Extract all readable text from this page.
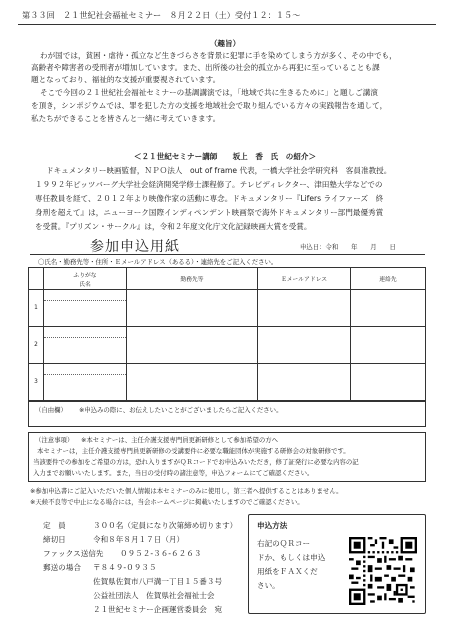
第３３回　２１世紀社会福祉セミナー　８月２２日（土）受付１２：１５～
（趣旨）
わが国では，貧困・虐待・孤立など生きづらさを背景に犯罪に手を染めてしまう方が多く、その中でも，
高齢者や障害者の受刑者が増加しています。また、出所後の社会的孤立から再犯に至っていることも課
題となっており、福祉的な支援が重要視されています。
そこで今回の２１世紀社会福祉セミナーの基調講演では，「地域で共に生きるために」と題しご講演
を頂き，シンポジウムでは、罪を犯した方の支援を地域社会で取り組んでいる方々の実践報告を通して，
私たちができることを皆さんと一緒に考えていきます。
＜２１世紀セミナー講師　　坂上　香　氏　の紹介＞
ドキュメンタリー映画監督，ＮＰＯ法人　out of frame 代表，一橋大学社会学研究科　客員准教授。
１９９２年ピッツバーグ大学社会経済開発学修士課程修了。テレビディレクター、津田塾大学などでの
専任教員を経て、２０１２年より映像作家の活動に専念。ドキュメンタリー『Lifers ライファーズ　終
身刑を超えて』は，ニューヨーク国際インディペンデント映画祭で海外ドキュメンタリー部門最優秀賞
を受賞。『プリズン・サークル』は，令和２年度文化庁文化記録映画大賞を受賞。
参加申込用紙	申込日：令和　　年　　月　　日
〇氏名・勤務先等・住所・Ｅメールアドレス（あるる）・連絡先をご記入ください。

	ふりがな
氏名	勤務先等	Ｅメールアドレス	連絡先
1	

2	

3	

（自由欄） ※申込みの際に、お伝えしたいことがございましたらご記入ください。
（注意事項） ※本セミナーは、主任介護支援専門員更新研修として参加希望の方へ
本セミナーは，主任介護支援専門員更新研修の受講要件に必要な職能団体が実施する研修会の対象研修です。
当該要件での参加をご希望の方は，恐れ入りますがＱＲコードでお申込みいただき，修了証発行に必要な内容の記
入力までお願いいたします。また，当日の受付時の諸注意等，申込フォームにてご確認ください。
※参加申込書にご記入いただいた個人情報は本セミナーのみに使用し，第三者へ提供することはありません。
※天候不良等で中止になる場合には，当会ホームページに掲載いたしますのでご確認ください。
定　員	３００名（定員になり次第締め切ります）
締切日	令和８年８月１７日（月）
ファックス送信先 ０９５２-３６-６２６３
郵送の場合 〒８４９-０９３５
佐賀県佐賀市八戸溝一丁目１５番３号
公益社団法人　佐賀県社会福祉士会
２１世紀セミナー企画運営委員会　宛
申込方法
右記のＱＲコー
ドか、もしくは申込
用紙をＦＡＸくだ
さい。
